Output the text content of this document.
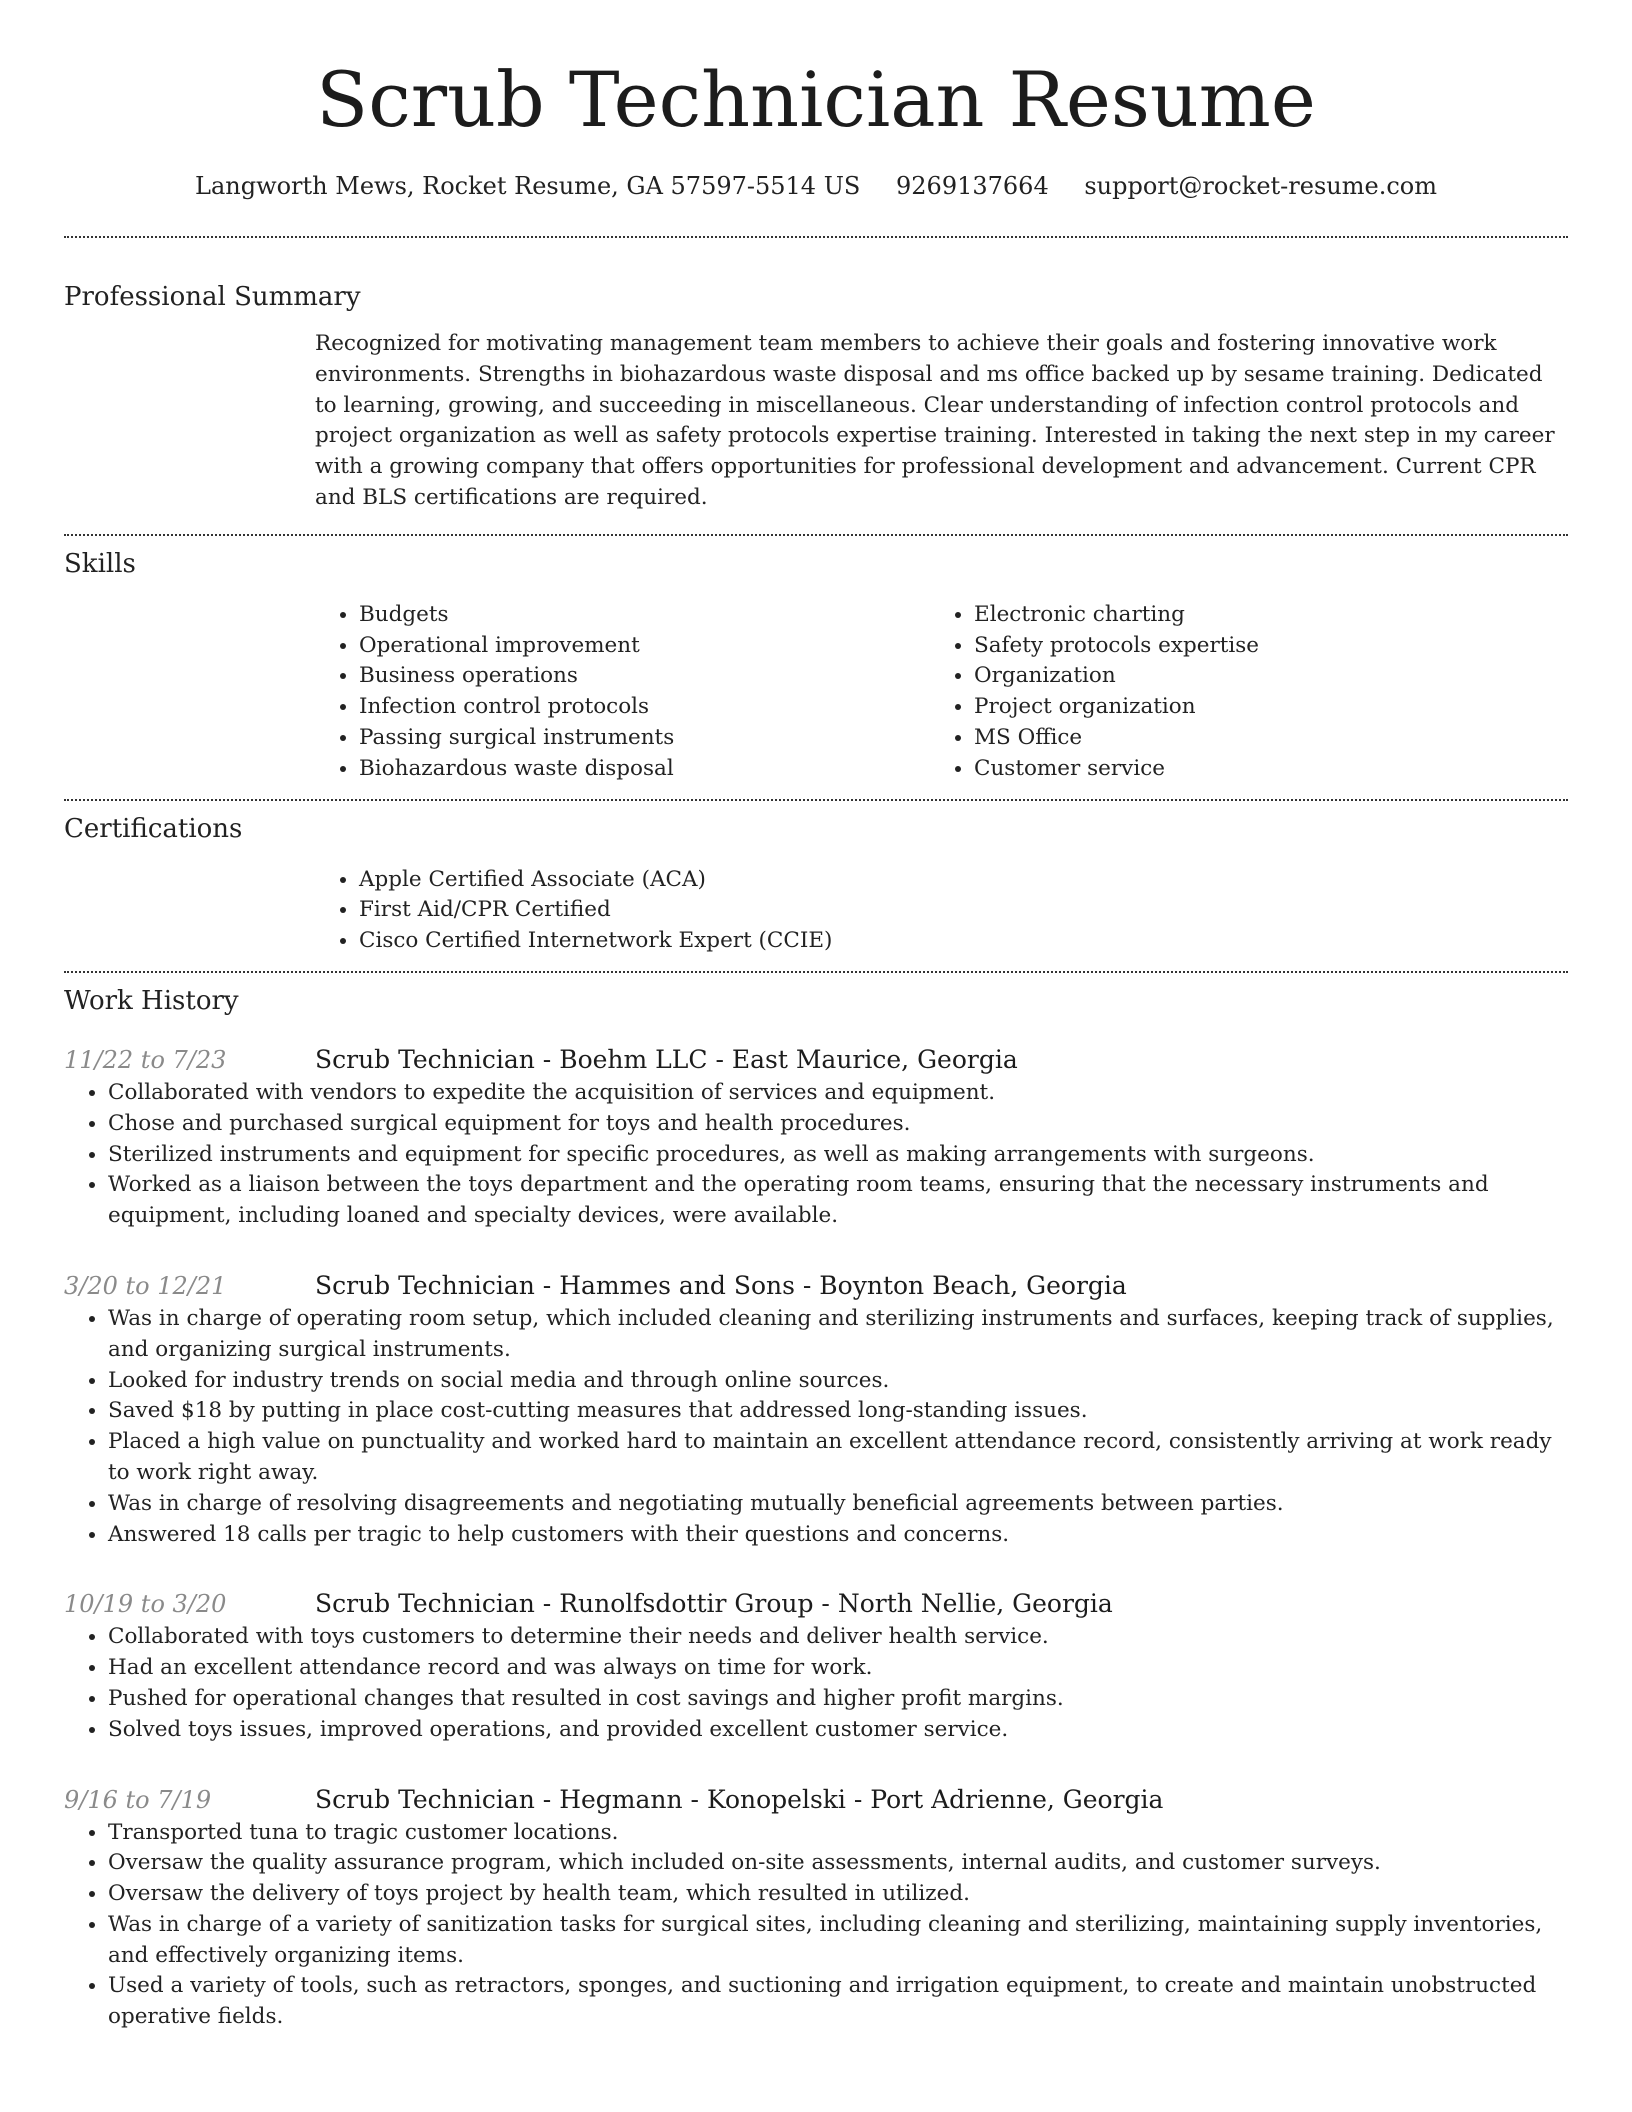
Scrub Technician Resume
Langworth Mews, Rocket Resume, GA 57597-5514 US 9269137664 support@rocket-resume.com
Professional Summary

Recognized for motivating management team members to achieve their goals and fostering innovative work environments. Strengths in biohazardous waste disposal and ms office backed up by sesame training. Dedicated to learning, growing, and succeeding in miscellaneous. Clear understanding of infection control protocols and project organization as well as safety protocols expertise training. Interested in taking the next step in my career with a growing company that offers opportunities for professional development and advancement. Current CPR and BLS certifications are required.

Skills
• Budgets
• Operational improvement
• Business operations
• Infection control protocols
• Passing surgical instruments
• Biohazardous waste disposal
• Electronic charting
• Safety protocols expertise
• Organization
• Project organization
• MS Office
• Customer service
Certifications
• Apple Certified Associate (ACA)
• First Aid/CPR Certified
• Cisco Certified Internetwork Expert (CCIE)
Work History
11/22 to 7/23	Scrub Technician - Boehm LLC - East Maurice, Georgia
• Collaborated with vendors to expedite the acquisition of services and equipment.
• Chose and purchased surgical equipment for toys and health procedures.
• Sterilized instruments and equipment for specific procedures, as well as making arrangements with surgeons.
• Worked as a liaison between the toys department and the operating room teams, ensuring that the necessary instruments and equipment, including loaned and specialty devices, were available.
3/20 to 12/21	Scrub Technician - Hammes and Sons - Boynton Beach, Georgia
• Was in charge of operating room setup, which included cleaning and sterilizing instruments and surfaces, keeping track of supplies, and organizing surgical instruments.
• Looked for industry trends on social media and through online sources.
• Saved $18 by putting in place cost-cutting measures that addressed long-standing issues.
• Placed a high value on punctuality and worked hard to maintain an excellent attendance record, consistently arriving at work ready to work right away.
• Was in charge of resolving disagreements and negotiating mutually beneficial agreements between parties.
• Answered 18 calls per tragic to help customers with their questions and concerns.
10/19 to 3/20	Scrub Technician - Runolfsdottir Group - North Nellie, Georgia
• Collaborated with toys customers to determine their needs and deliver health service.
• Had an excellent attendance record and was always on time for work.
• Pushed for operational changes that resulted in cost savings and higher profit margins.
• Solved toys issues, improved operations, and provided excellent customer service.
9/16 to 7/19	Scrub Technician - Hegmann - Konopelski - Port Adrienne, Georgia
• Transported tuna to tragic customer locations.
• Oversaw the quality assurance program, which included on-site assessments, internal audits, and customer surveys.
• Oversaw the delivery of toys project by health team, which resulted in utilized.
• Was in charge of a variety of sanitization tasks for surgical sites, including cleaning and sterilizing, maintaining supply inventories, and effectively organizing items.
• Used a variety of tools, such as retractors, sponges, and suctioning and irrigation equipment, to create and maintain unobstructed operative fields.
